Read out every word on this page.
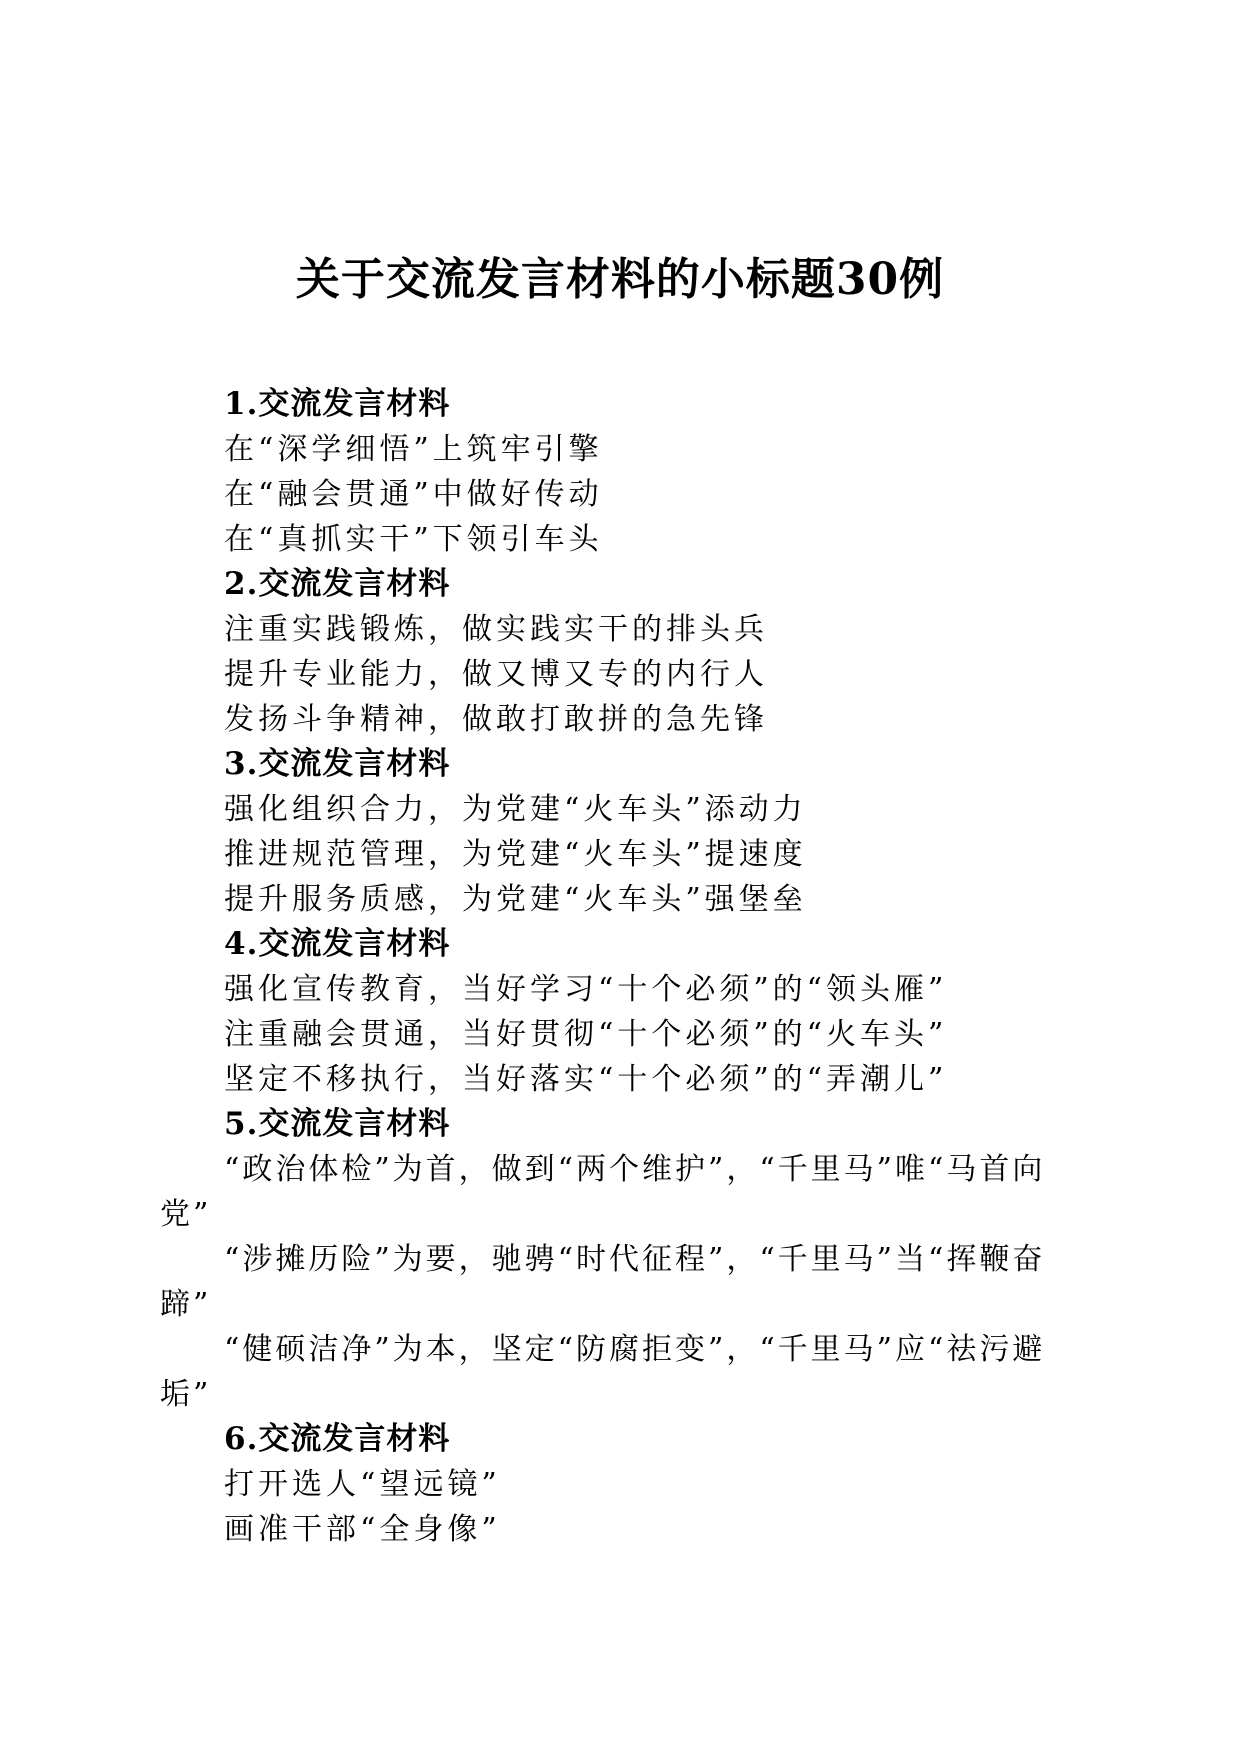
关于交流发言材料的小标题30例
1.交流发言材料
在“深学细悟”上筑牢引擎
在“融会贯通”中做好传动
在“真抓实干”下领引车头
2.交流发言材料
注重实践锻炼，做实践实干的排头兵
提升专业能力，做又博又专的内行人
发扬斗争精神，做敢打敢拼的急先锋
3.交流发言材料
强化组织合力，为党建“火车头”添动力
推进规范管理，为党建“火车头”提速度
提升服务质感，为党建“火车头”强堡垒
4.交流发言材料
强化宣传教育，当好学习“十个必须”的“领头雁”
注重融会贯通，当好贯彻“十个必须”的“火车头”
坚定不移执行，当好落实“十个必须”的“弄潮儿”
5.交流发言材料
“政治体检”为首，做到“两个维护”，“千里马”唯“马首向党”
“涉摊历险”为要，驰骋“时代征程”，“千里马”当“挥鞭奋蹄”
“健硕洁净”为本，坚定“防腐拒变”，“千里马”应“祛污避垢”
6.交流发言材料
打开选人“望远镜”
画准干部“全身像”
